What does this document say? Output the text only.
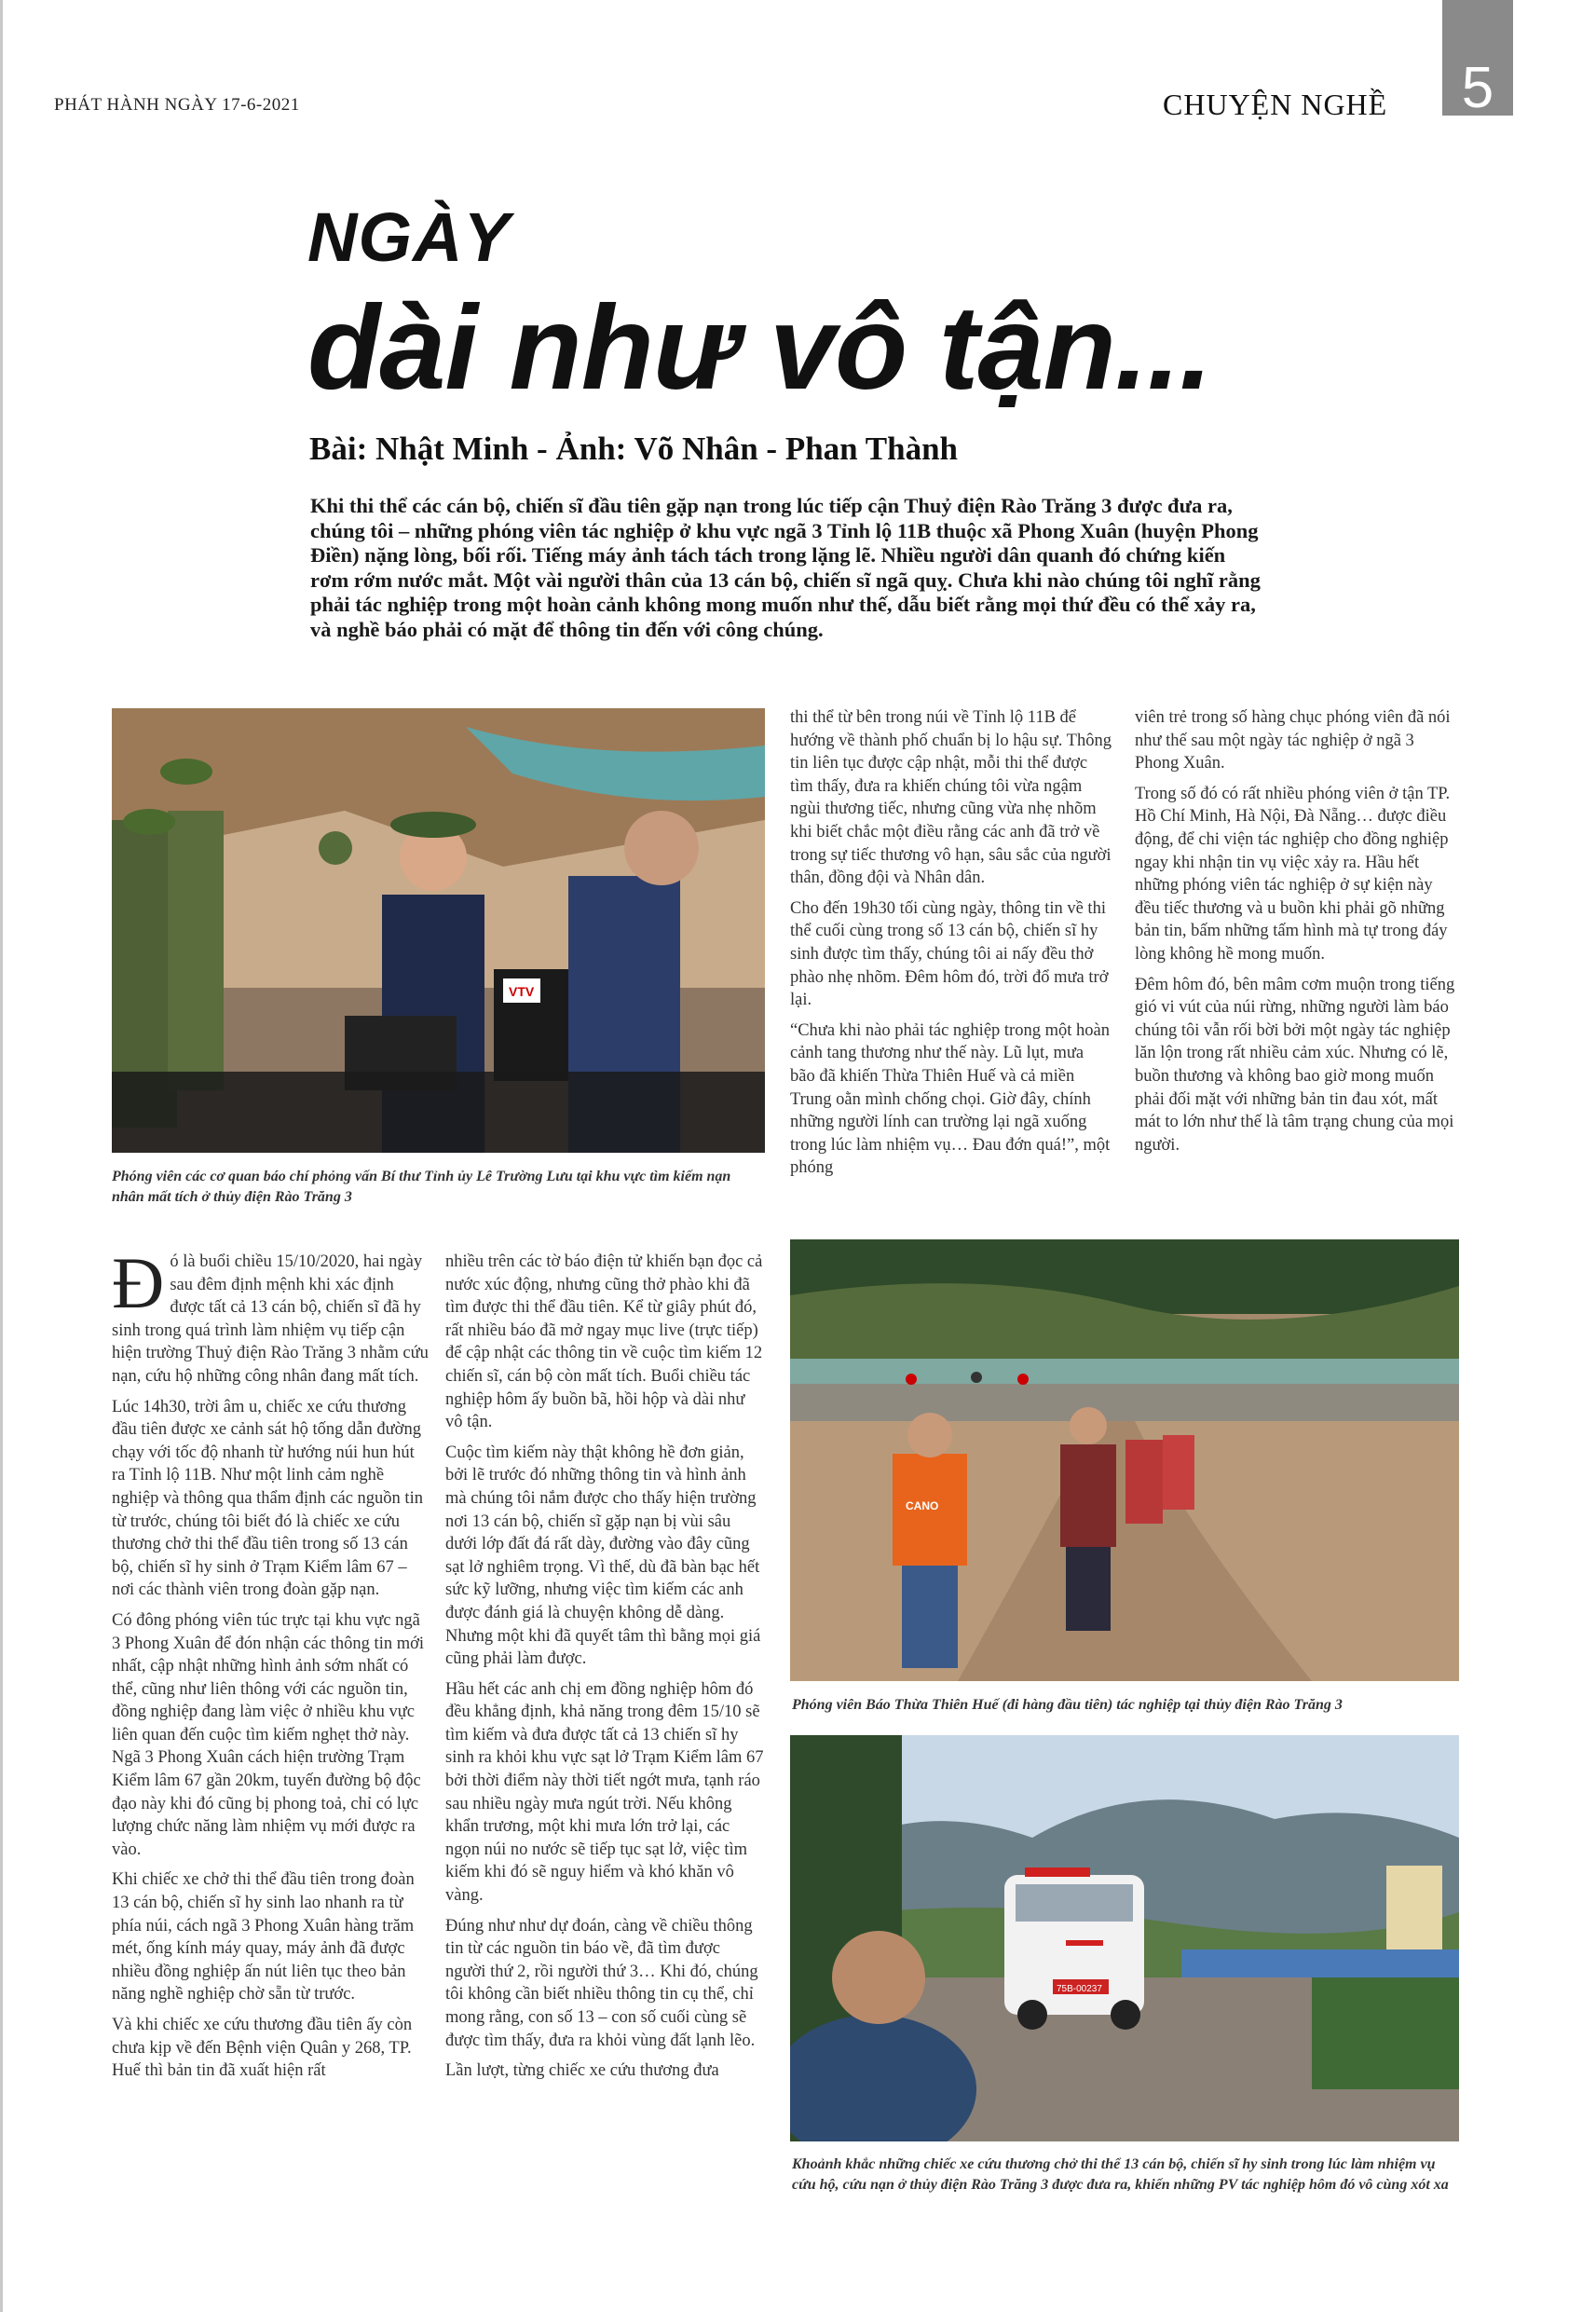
PHÁT HÀNH NGÀY 17-6-2021	CHUYỆN NGHỀ	5
NGÀY
dài như vô tận...
Bài: Nhật Minh - Ảnh: Võ Nhân - Phan Thành
Khi thi thể các cán bộ, chiến sĩ đầu tiên gặp nạn trong lúc tiếp cận Thuỷ điện Rào Trăng 3 được đưa ra, chúng tôi – những phóng viên tác nghiệp ở khu vực ngã 3 Tỉnh lộ 11B thuộc xã Phong Xuân (huyện Phong Điền) nặng lòng, bối rối. Tiếng máy ảnh tách tách trong lặng lẽ. Nhiều người dân quanh đó chứng kiến rơm rớm nước mắt. Một vài người thân của 13 cán bộ, chiến sĩ ngã quỵ. Chưa khi nào chúng tôi nghĩ rằng phải tác nghiệp trong một hoàn cảnh không mong muốn như thế, dẫu biết rằng mọi thứ đều có thể xảy ra, và nghề báo phải có mặt để thông tin đến với công chúng.
VTV
Phóng viên các cơ quan báo chí phỏng vấn Bí thư Tỉnh ủy Lê Trường Lưu tại khu vực tìm kiếm nạn nhân mất tích ở thủy điện Rào Trăng 3

thi thể từ bên trong núi về Tỉnh lộ 11B để hướng về thành phố chuẩn bị lo hậu sự. Thông tin liên tục được cập nhật, mỗi thi thể được tìm thấy, đưa ra khiến chúng tôi vừa ngậm ngùi thương tiếc, nhưng cũng vừa nhẹ nhõm khi biết chắc một điều rằng các anh đã trở về trong sự tiếc thương vô hạn, sâu sắc của người thân, đồng đội và Nhân dân.

Cho đến 19h30 tối cùng ngày, thông tin về thi thể cuối cùng trong số 13 cán bộ, chiến sĩ hy sinh được tìm thấy, chúng tôi ai nấy đều thở phào nhẹ nhõm. Đêm hôm đó, trời đổ mưa trở lại.

“Chưa khi nào phải tác nghiệp trong một hoàn cảnh tang thương như thế này. Lũ lụt, mưa bão đã khiến Thừa Thiên Huế và cả miền Trung oằn mình chống chọi. Giờ đây, chính những người lính can trường lại ngã xuống trong lúc làm nhiệm vụ… Đau đớn quá!”, một phóng

viên trẻ trong số hàng chục phóng viên đã nói như thế sau một ngày tác nghiệp ở ngã 3 Phong Xuân.

Trong số đó có rất nhiều phóng viên ở tận TP. Hồ Chí Minh, Hà Nội, Đà Nẵng… được điều động, để chi viện tác nghiệp cho đồng nghiệp ngay khi nhận tin vụ việc xảy ra. Hầu hết những phóng viên tác nghiệp ở sự kiện này đều tiếc thương và u buồn khi phải gõ những bản tin, bấm những tấm hình mà tự trong đáy lòng không hề mong muốn.

Đêm hôm đó, bên mâm cơm muộn trong tiếng gió vi vút của núi rừng, những người làm báo chúng tôi vẫn rối bời bởi một ngày tác nghiệp lăn lộn trong rất nhiều cảm xúc. Nhưng có lẽ, buồn thương và không bao giờ mong muốn phải đối mặt với những bản tin đau xót, mất mát to lớn như thế là tâm trạng chung của mọi người.

Đó là buổi chiều 15/10/2020, hai ngày sau đêm định mệnh khi xác định được tất cả 13 cán bộ, chiến sĩ đã hy sinh trong quá trình làm nhiệm vụ tiếp cận hiện trường Thuỷ điện Rào Trăng 3 nhằm cứu nạn, cứu hộ những công nhân đang mất tích.

Lúc 14h30, trời âm u, chiếc xe cứu thương đầu tiên được xe cảnh sát hộ tống dẫn đường chạy với tốc độ nhanh từ hướng núi hun hút ra Tỉnh lộ 11B. Như một linh cảm nghề nghiệp và thông qua thẩm định các nguồn tin từ trước, chúng tôi biết đó là chiếc xe cứu thương chở thi thể đầu tiên trong số 13 cán bộ, chiến sĩ hy sinh ở Trạm Kiểm lâm 67 – nơi các thành viên trong đoàn gặp nạn.

Có đông phóng viên túc trực tại khu vực ngã 3 Phong Xuân để đón nhận các thông tin mới nhất, cập nhật những hình ảnh sớm nhất có thể, cũng như liên thông với các nguồn tin, đồng nghiệp đang làm việc ở nhiều khu vực liên quan đến cuộc tìm kiếm nghẹt thở này. Ngã 3 Phong Xuân cách hiện trường Trạm Kiểm lâm 67 gần 20km, tuyến đường bộ độc đạo này khi đó cũng bị phong toả, chỉ có lực lượng chức năng làm nhiệm vụ mới được ra vào.

Khi chiếc xe chở thi thể đầu tiên trong đoàn 13 cán bộ, chiến sĩ hy sinh lao nhanh ra từ phía núi, cách ngã 3 Phong Xuân hàng trăm mét, ống kính máy quay, máy ảnh đã được nhiều đồng nghiệp ấn nút liên tục theo bản năng nghề nghiệp chờ sẵn từ trước.

Và khi chiếc xe cứu thương đầu tiên ấy còn chưa kịp về đến Bệnh viện Quân y 268, TP. Huế thì bản tin đã xuất hiện rất

nhiều trên các tờ báo điện tử khiến bạn đọc cả nước xúc động, nhưng cũng thở phào khi đã tìm được thi thể đầu tiên. Kể từ giây phút đó, rất nhiều báo đã mở ngay mục live (trực tiếp) để cập nhật các thông tin về cuộc tìm kiếm 12 chiến sĩ, cán bộ còn mất tích. Buổi chiều tác nghiệp hôm ấy buồn bã, hồi hộp và dài như vô tận.

Cuộc tìm kiếm này thật không hề đơn giản, bởi lẽ trước đó những thông tin và hình ảnh mà chúng tôi nắm được cho thấy hiện trường nơi 13 cán bộ, chiến sĩ gặp nạn bị vùi sâu dưới lớp đất đá rất dày, đường vào đây cũng sạt lở nghiêm trọng. Vì thế, dù đã bàn bạc hết sức kỹ lưỡng, nhưng việc tìm kiếm các anh được đánh giá là chuyện không dễ dàng. Nhưng một khi đã quyết tâm thì bằng mọi giá cũng phải làm được.

Hầu hết các anh chị em đồng nghiệp hôm đó đều khẳng định, khả năng trong đêm 15/10 sẽ tìm kiếm và đưa được tất cả 13 chiến sĩ hy sinh ra khỏi khu vực sạt lở Trạm Kiểm lâm 67 bởi thời điểm này thời tiết ngớt mưa, tạnh ráo sau nhiều ngày mưa ngút trời. Nếu không khẩn trương, một khi mưa lớn trở lại, các ngọn núi no nước sẽ tiếp tục sạt lở, việc tìm kiếm khi đó sẽ nguy hiểm và khó khăn vô vàng.

Đúng như như dự đoán, càng về chiều thông tin từ các nguồn tin báo về, đã tìm được người thứ 2, rồi người thứ 3… Khi đó, chúng tôi không cần biết nhiều thông tin cụ thể, chỉ mong rằng, con số 13 – con số cuối cùng sẽ được tìm thấy, đưa ra khỏi vùng đất lạnh lẽo.

Lần lượt, từng chiếc xe cứu thương đưa

CANO
Phóng viên Báo Thừa Thiên Huế (đi hàng đầu tiên) tác nghiệp tại thủy điện Rào Trăng 3
75B-00237
Khoảnh khắc những chiếc xe cứu thương chở thi thể 13 cán bộ, chiến sĩ hy sinh trong lúc làm nhiệm vụ cứu hộ, cứu nạn ở thủy điện Rào Trăng 3 được đưa ra, khiến những PV tác nghiệp hôm đó vô cùng xót xa
